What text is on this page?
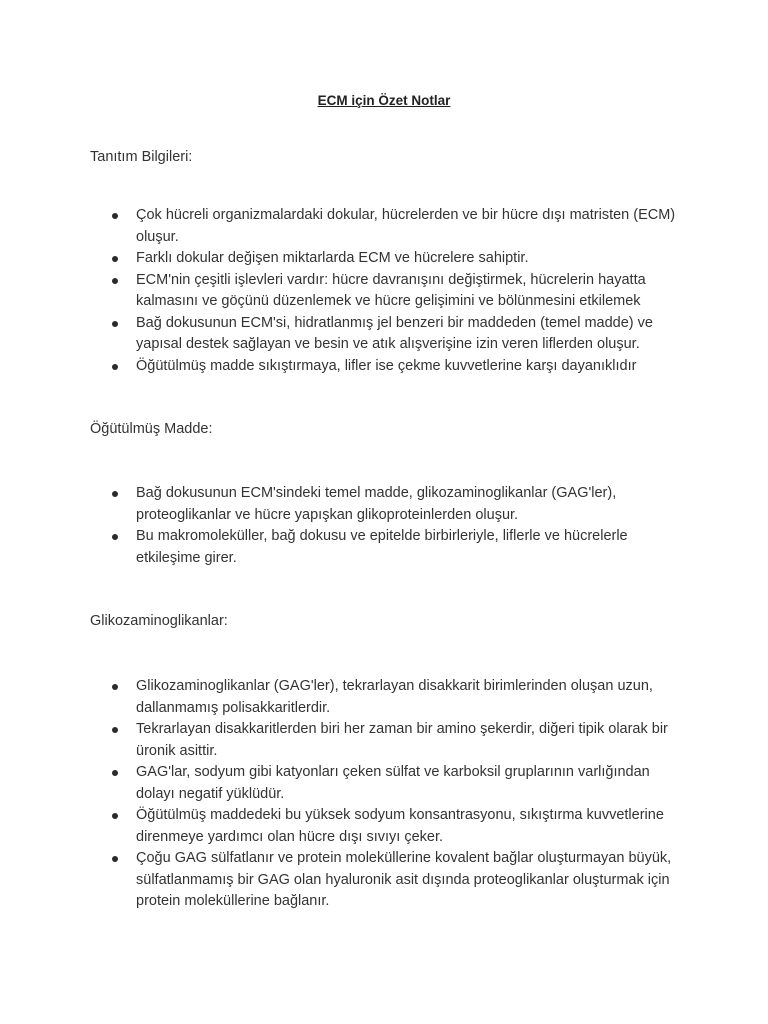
ECM için Özet Notlar
Tanıtım Bilgileri:
Çok hücreli organizmalardaki dokular, hücrelerden ve bir hücre dışı matristen (ECM) oluşur.
Farklı dokular değişen miktarlarda ECM ve hücrelere sahiptir.
ECM'nin çeşitli işlevleri vardır: hücre davranışını değiştirmek, hücrelerin hayatta kalmasını ve göçünü düzenlemek ve hücre gelişimini ve bölünmesini etkilemek
Bağ dokusunun ECM'si, hidratlanmış jel benzeri bir maddeden (temel madde) ve yapısal destek sağlayan ve besin ve atık alışverişine izin veren liflerden oluşur.
Öğütülmüş madde sıkıştırmaya, lifler ise çekme kuvvetlerine karşı dayanıklıdır
Öğütülmüş Madde:
Bağ dokusunun ECM'sindeki temel madde, glikozaminoglikanlar (GAG'ler), proteoglikanlar ve hücre yapışkan glikoproteinlerden oluşur.
Bu makromoleküller, bağ dokusu ve epitelde birbirleriyle, liflerle ve hücrelerle etkileşime girer.
Glikozaminoglikanlar:
Glikozaminoglikanlar (GAG'ler), tekrarlayan disakkarit birimlerinden oluşan uzun, dallanmamış polisakkaritlerdir.
Tekrarlayan disakkaritlerden biri her zaman bir amino şekerdir, diğeri tipik olarak bir üronik asittir.
GAG'lar, sodyum gibi katyonları çeken sülfat ve karboksil gruplarının varlığından dolayı negatif yüklüdür.
Öğütülmüş maddedeki bu yüksek sodyum konsantrasyonu, sıkıştırma kuvvetlerine direnmeye yardımcı olan hücre dışı sıvıyı çeker.
Çoğu GAG sülfatlanır ve protein moleküllerine kovalent bağlar oluşturmayan büyük, sülfatlanmamış bir GAG olan hyaluronik asit dışında proteoglikanlar oluşturmak için protein moleküllerine bağlanır.
